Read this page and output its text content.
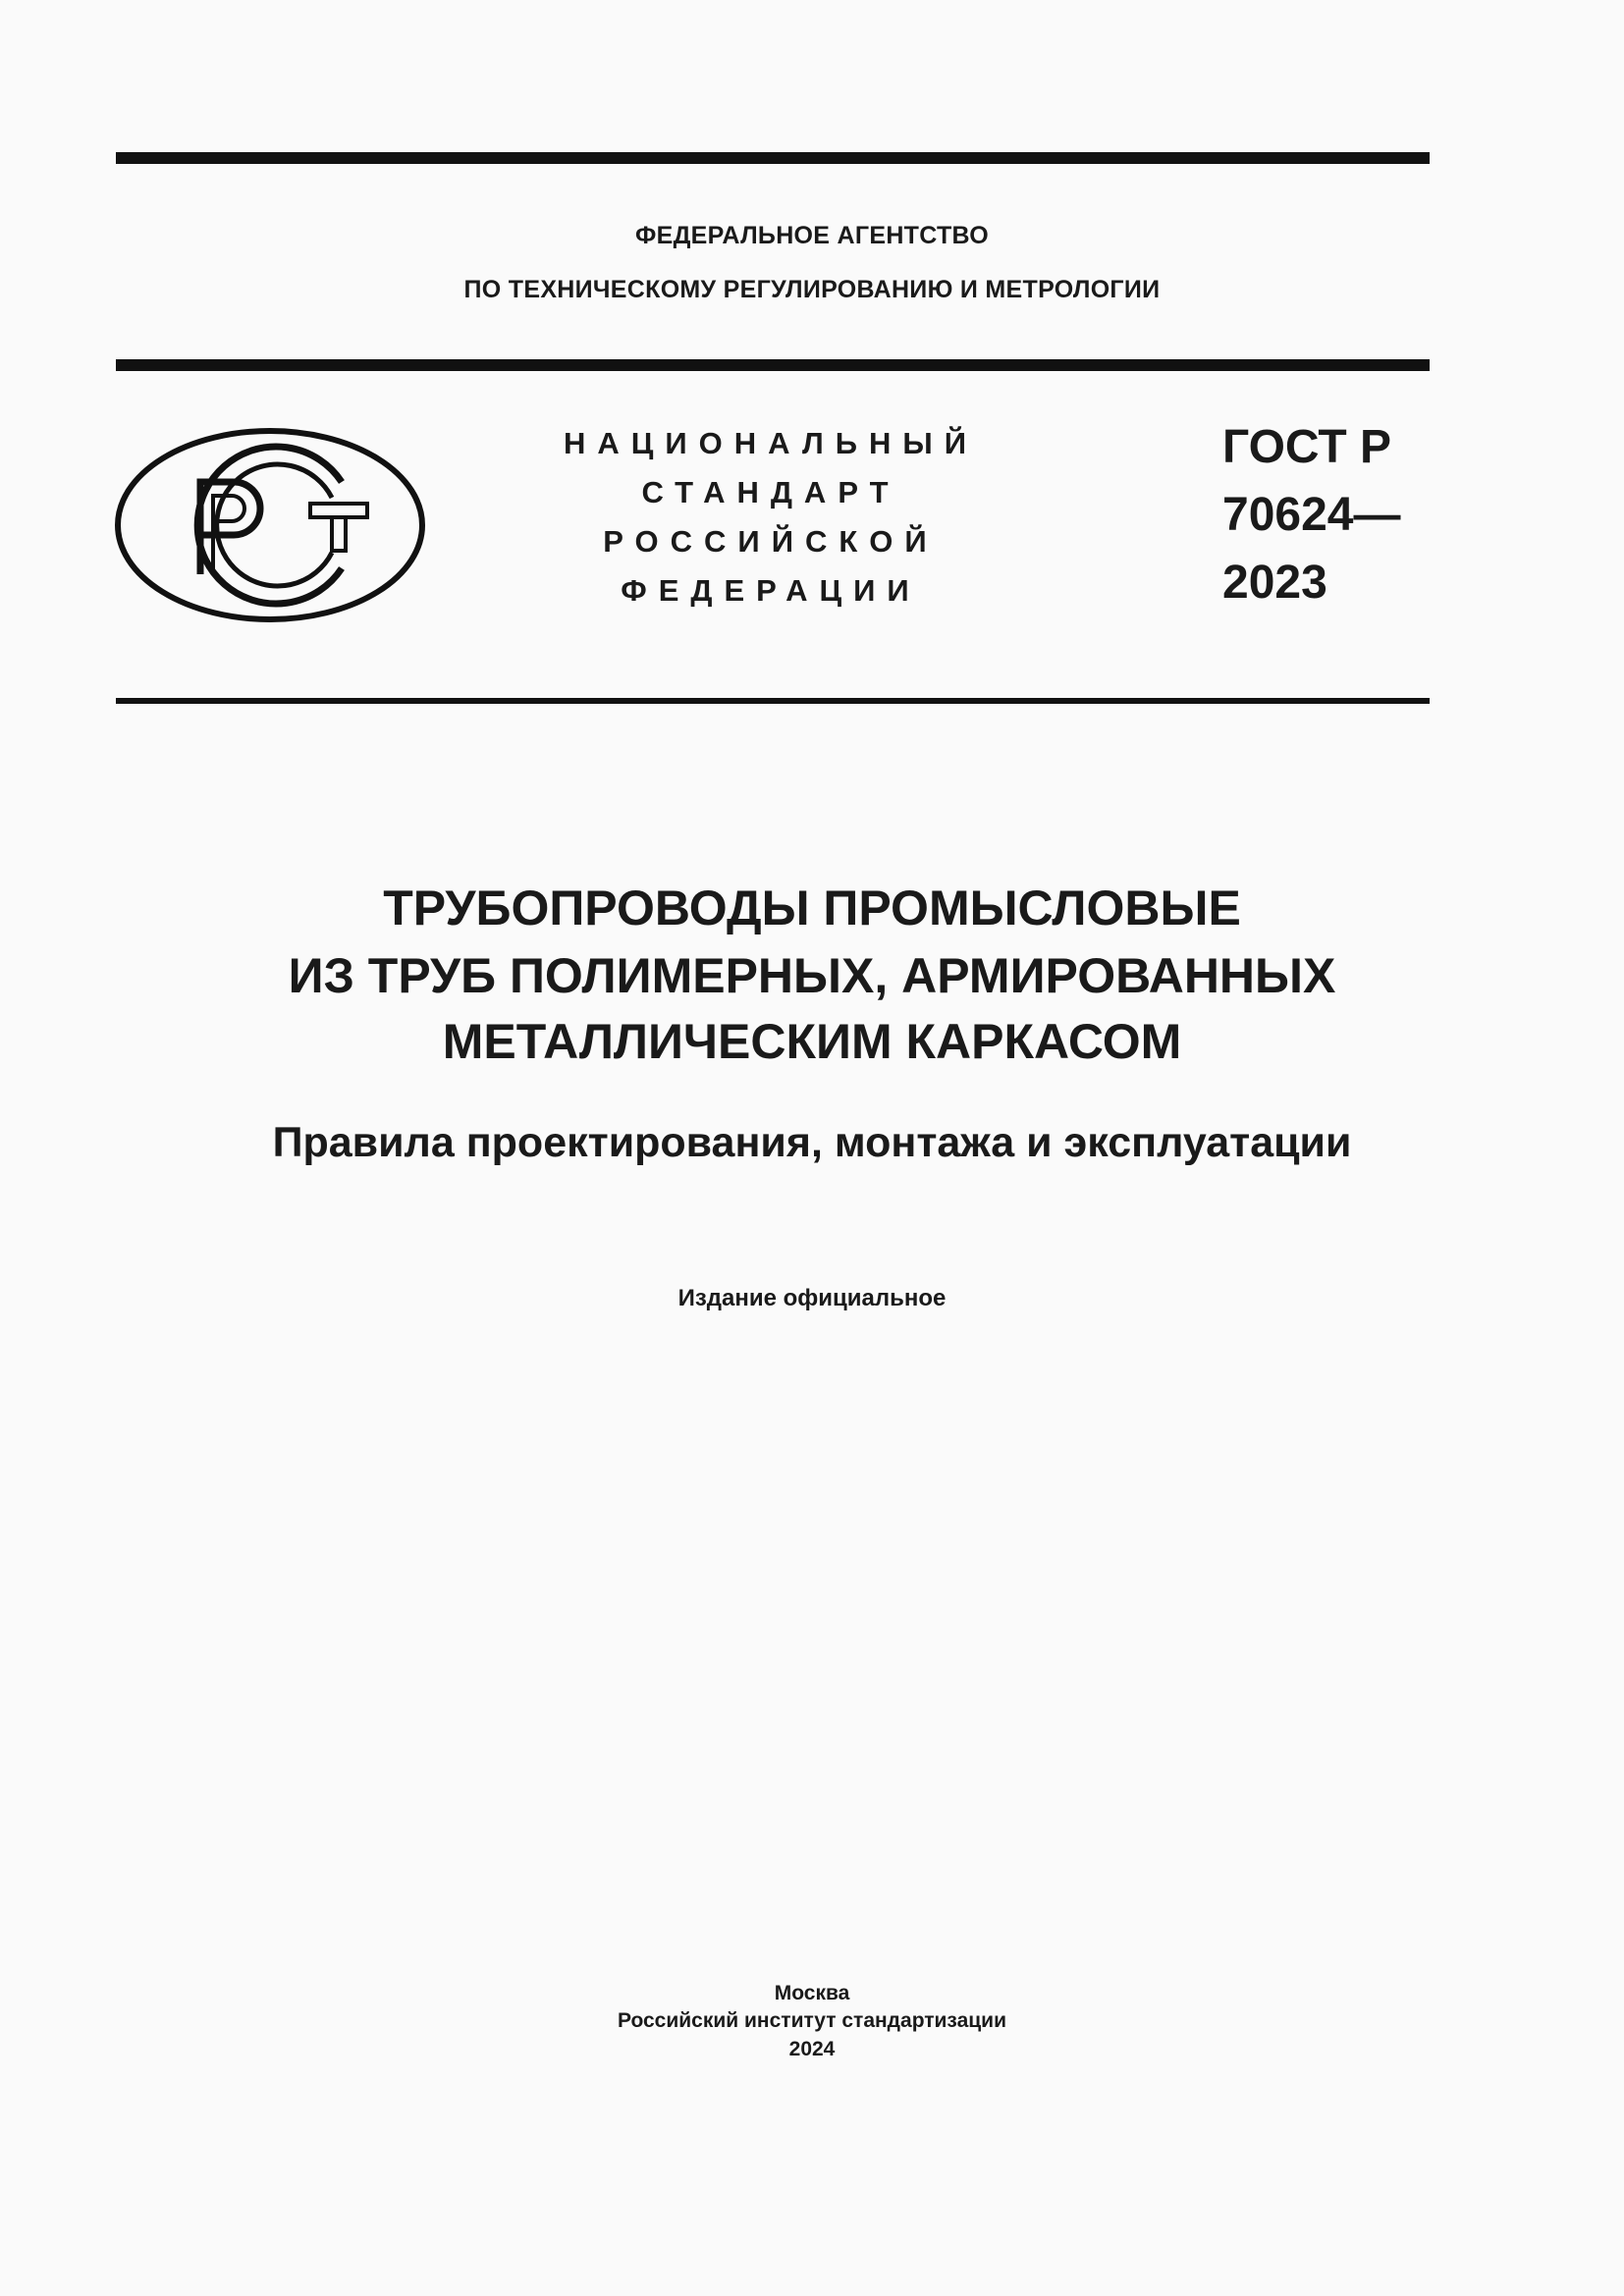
ФЕДЕРАЛЬНОЕ АГЕНТСТВО
ПО ТЕХНИЧЕСКОМУ РЕГУЛИРОВАНИЮ И МЕТРОЛОГИИ
НАЦИОНАЛЬНЫЙ
СТАНДАРТ
РОССИЙСКОЙ
ФЕДЕРАЦИИ
ГОСТ Р
70624—
2023
ТРУБОПРОВОДЫ ПРОМЫСЛОВЫЕ
ИЗ ТРУБ ПОЛИМЕРНЫХ, АРМИРОВАННЫХ
МЕТАЛЛИЧЕСКИМ КАРКАСОМ
Правила проектирования, монтажа и эксплуатации
Издание официальное
Москва
Российский институт стандартизации
2024
